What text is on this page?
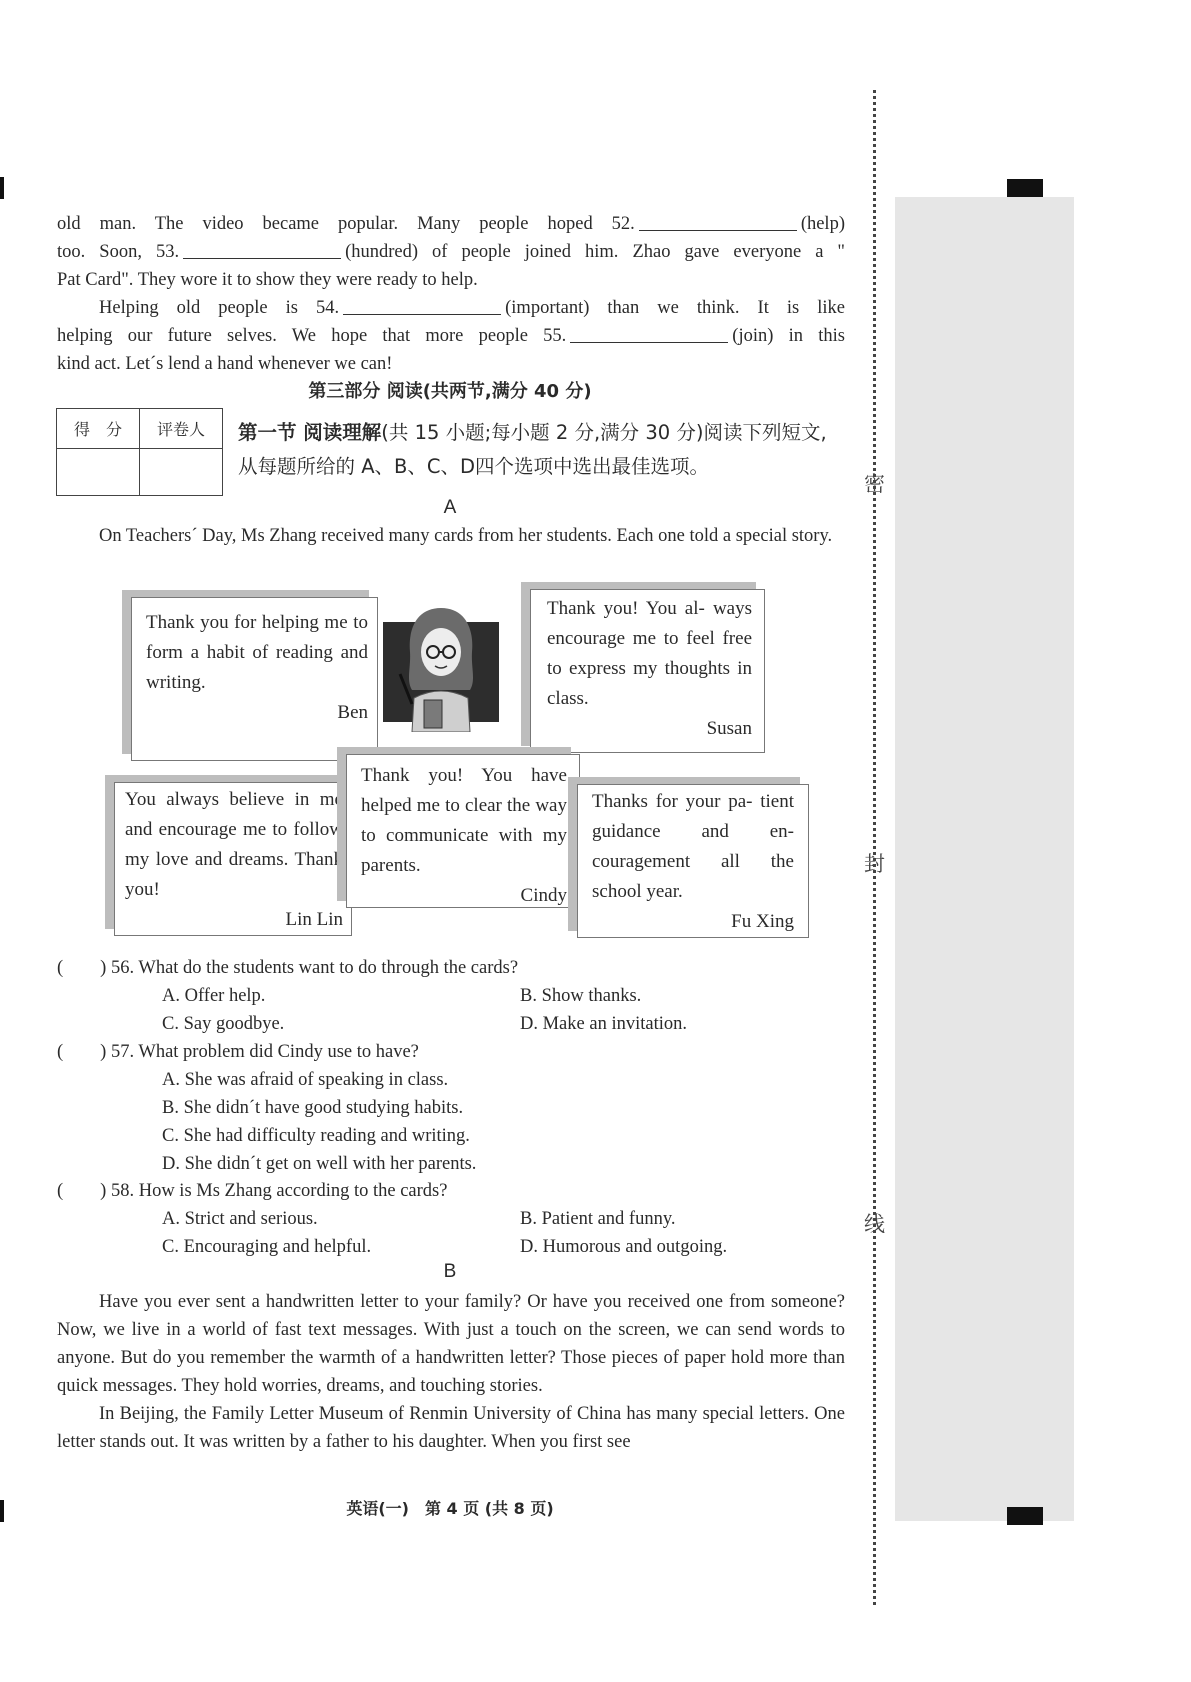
密
封
线

old man. The video became popular. Many people hoped 52.	(help)

too. Soon, 53.	(hundred) of people joined him. Zhao gave everyone a "

Pat Card". They wore it to show they were ready to help.

Helping old people is 54.	(important) than we think. It is like

helping our future selves. We hope that more people 55.	(join) in this

kind act. Let´s lend a hand whenever we can!

第三部分 阅读(共两节,满分 40 分)
得　分	评卷人
	第一节 阅读理解(共 15 小题;每小题 2 分,满分 30 分)阅读下列短文,从每题所给的 A、B、C、D四个选项中选出最佳选项。
A
On Teachers´ Day, Ms Zhang received many cards from her students. Each one told a special story.
Thank you for helping me to form a habit of reading and writing.
Ben
Thank you! You al- ways encourage me to feel free to express my thoughts in class.
Susan
You always believe in me and encourage me to follow my love and dreams. Thank you!
Lin Lin
Thank you! You have helped me to clear the way to communicate with my parents.
Cindy
Thanks for your pa- tient guidance and en- couragement all the school year.
Fu Xing
(　　) 56. What do the students want to do through the cards?
A. Offer help.	B. Show thanks.
C. Say goodbye.	D. Make an invitation.
(　　) 57. What problem did Cindy use to have?
A. She was afraid of speaking in class.
B. She didn´t have good studying habits.
C. She had difficulty reading and writing.
D. She didn´t get on well with her parents.
(　　) 58. How is Ms Zhang according to the cards?
A. Strict and serious.	B. Patient and funny.
C. Encouraging and helpful.	D. Humorous and outgoing.
B

Have you ever sent a handwritten letter to your family? Or have you received one from someone? Now, we live in a world of fast text messages. With just a touch on the screen, we can send words to anyone. But do you remember the warmth of a handwritten letter? Those pieces of paper hold more than quick messages. They hold worries, dreams, and touching stories.

In Beijing, the Family Letter Museum of Renmin University of China has many special letters. One letter stands out. It was written by a father to his daughter. When you first see

英语(一)　第 4 页 (共 8 页)
